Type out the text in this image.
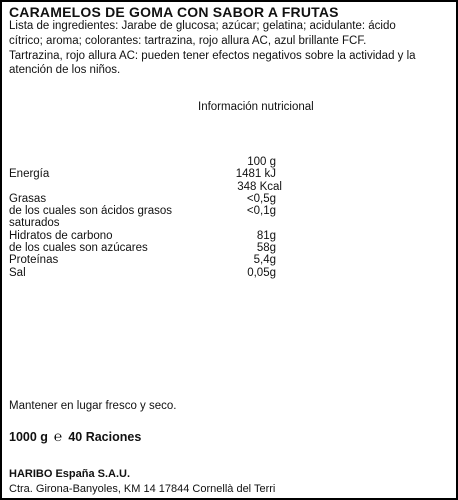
CARAMELOS DE GOMA CON SABOR A FRUTAS

Lista de ingredientes: Jarabe de glucosa; azúcar; gelatina; acidulante: ácido

cítrico; aroma; colorantes: tartrazina, rojo allura AC, azul brillante FCF.

Tartrazina, rojo allura AC: pueden tener efectos negativos sobre la actividad y la

atención de los niños.

Información nutricional

100 g
Energía	1481 kJ

348 Kcal
Grasas	<0,5g
de los cuales son ácidos grasos	<0,1g
saturados
Hidratos de carbono	81g
de los cuales son azúcares	58g
Proteínas	5,4g
Sal	0,05g
Mantener en lugar fresco y seco.
1000 g ℮ 40 Raciones
HARIBO España S.A.U.
Ctra. Girona-Banyoles, KM 14 17844 Cornellà del Terri
